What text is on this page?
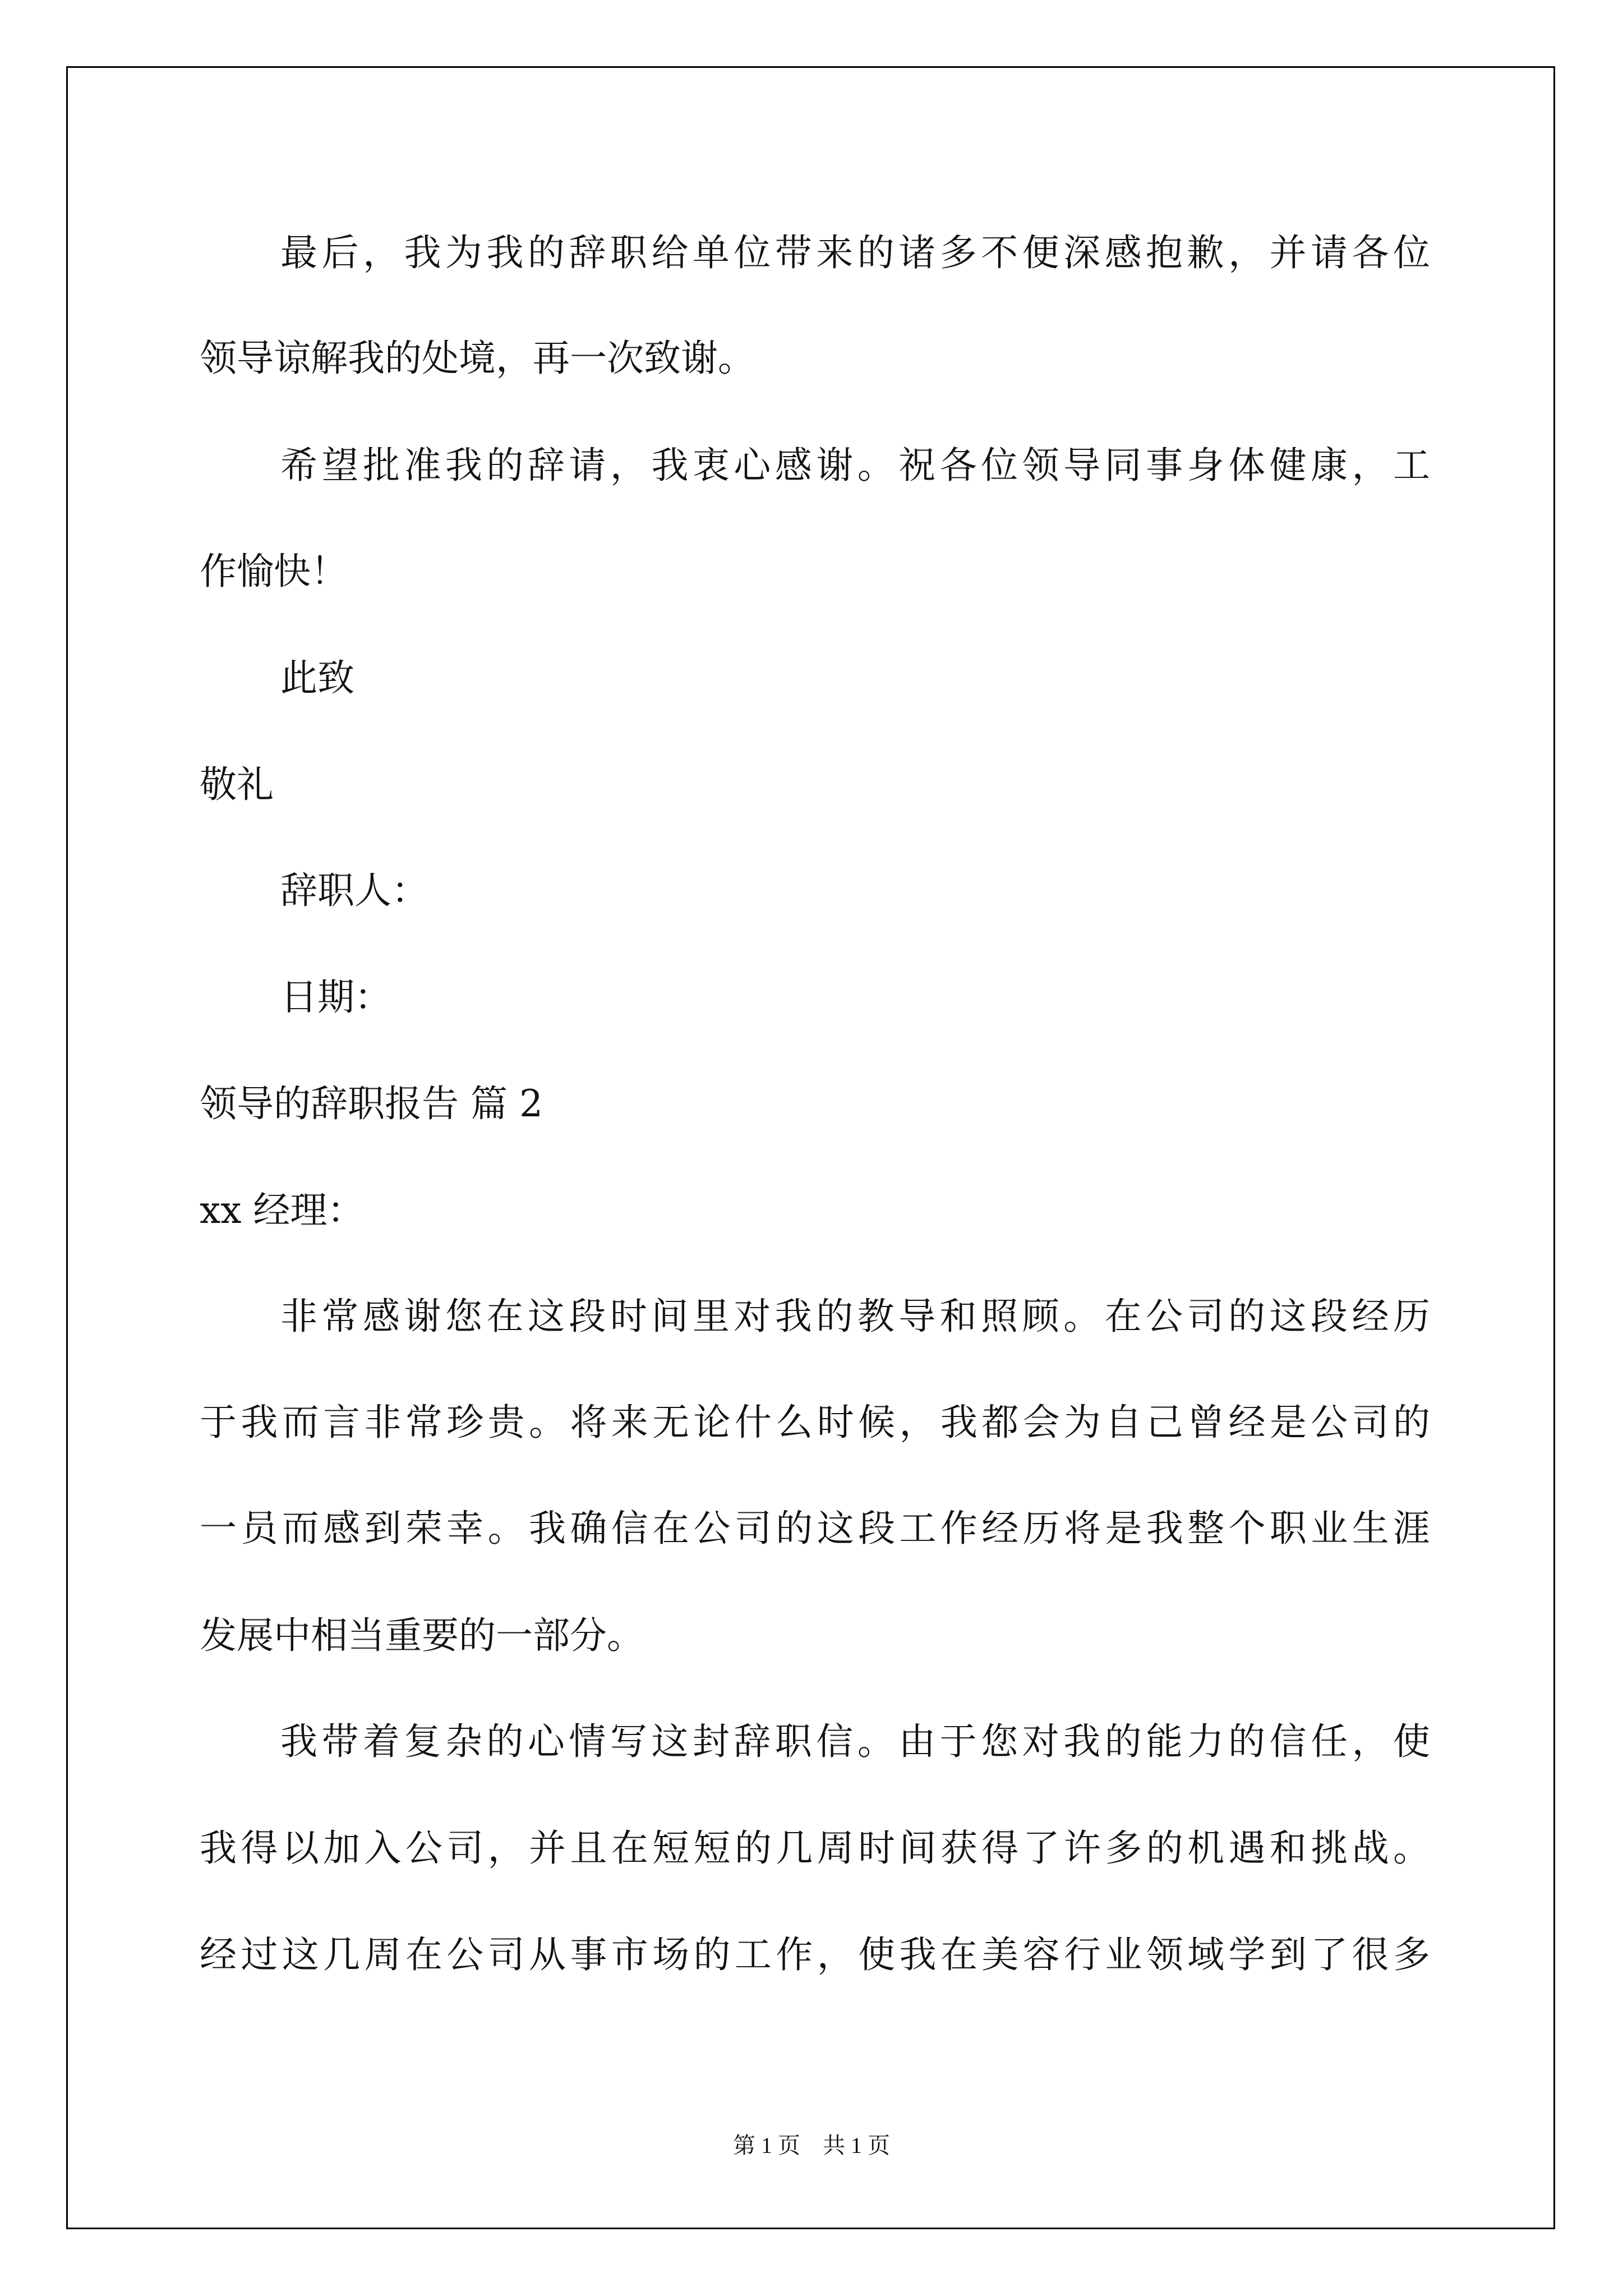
最后，我为我的辞职给单位带来的诸多不便深感抱歉，并请各位
领导谅解我的处境，再一次致谢。
希望批准我的辞请，我衷心感谢。祝各位领导同事身体健康，工
作愉快！
此致
敬礼
辞职人：
日期：
领导的辞职报告 篇 2
xx 经理：
非常感谢您在这段时间里对我的教导和照顾。在公司的这段经历
于我而言非常珍贵。将来无论什么时候，我都会为自己曾经是公司的
一员而感到荣幸。我确信在公司的这段工作经历将是我整个职业生涯
发展中相当重要的一部分。
我带着复杂的心情写这封辞职信。由于您对我的能力的信任，使
我得以加入公司，并且在短短的几周时间获得了许多的机遇和挑战。
经过这几周在公司从事市场的工作，使我在美容行业领域学到了很多
第 1 页　共 1 页
